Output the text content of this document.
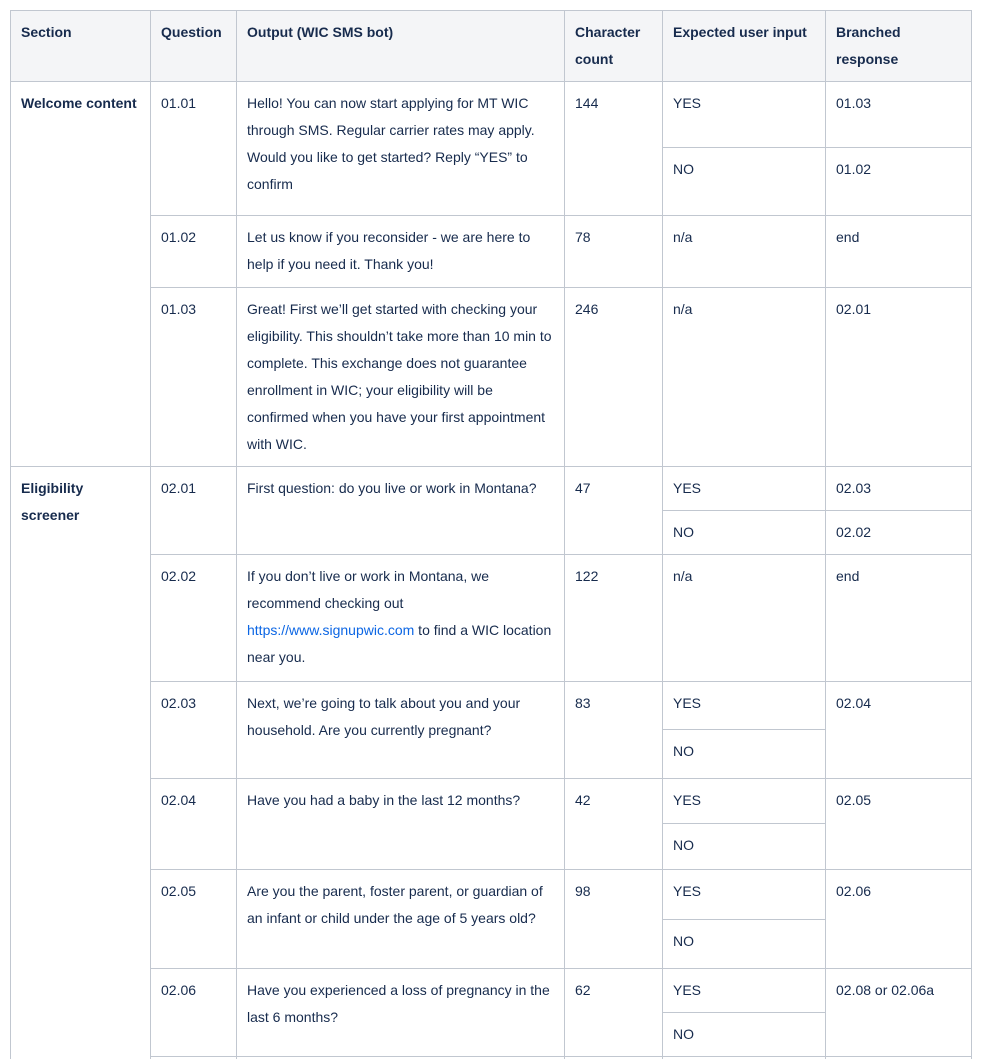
Section	Question	Output (WIC SMS bot)	Character count	Expected user input	Branched response
Welcome content	01.01	Hello! You can now start applying for MT WIC through SMS. Regular carrier rates may apply. Would you like to get started? Reply “YES” to confirm	144	YES	01.03
				NO	01.02
	01.02	Let us know if you reconsider - we are here to help if you need it. Thank you!	78	n/a	end
	01.03	Great! First we’ll get started with checking your eligibility. This shouldn’t take more than 10 min to complete. This exchange does not guarantee enrollment in WIC; your eligibility will be confirmed when you have your first appointment with WIC.	246	n/a	02.01
Eligibility screener	02.01	First question: do you live or work in Montana?	47	YES	02.03
				NO	02.02
	02.02	If you don’t live or work in Montana, we recommend checking out https://www.signupwic.com to find a WIC location near you.	122	n/a	end
	02.03	Next, we’re going to talk about you and your household. Are you currently pregnant?	83	YES	02.04
				NO	
	02.04	Have you had a baby in the last 12 months?	42	YES	02.05
				NO	
	02.05	Are you the parent, foster parent, or guardian of an infant or child under the age of 5 years old?	98	YES	02.06
				NO	
	02.06	Have you experienced a loss of pregnancy in the last 6 months?	62	YES	02.08 or 02.06a
				NO	
